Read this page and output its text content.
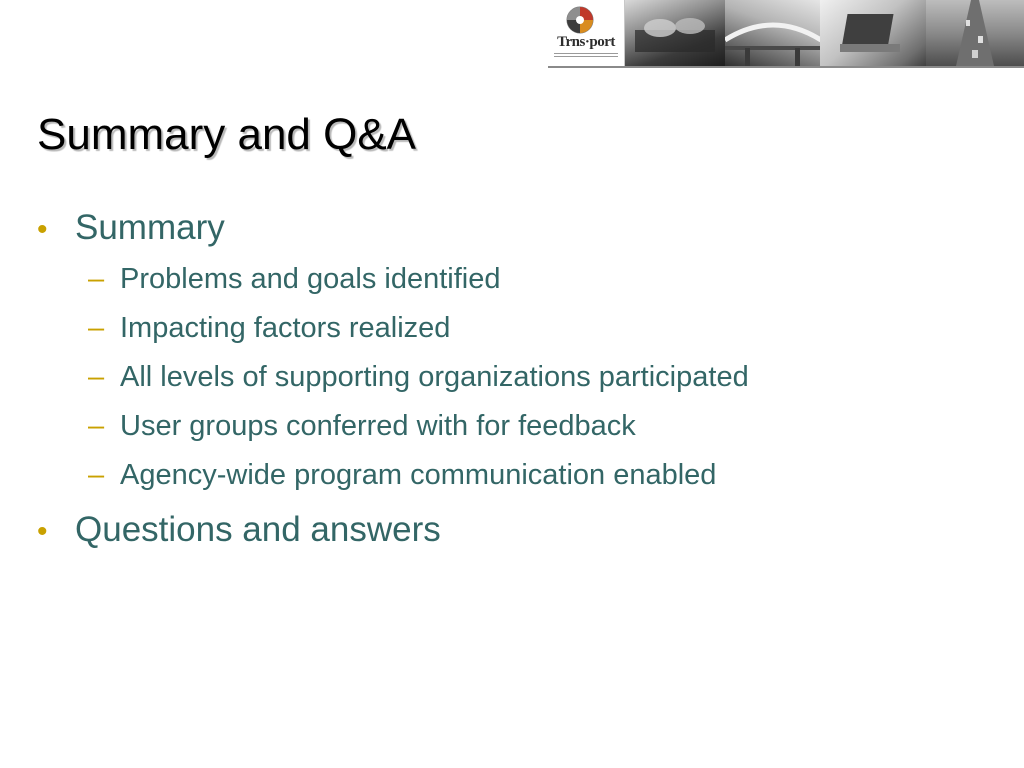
Trns·port
Summary and Q&A
• Summary
– Problems and goals identified
– Impacting factors realized
– All levels of supporting organizations participated
– User groups conferred with for feedback
– Agency-wide program communication enabled
• Questions and answers
